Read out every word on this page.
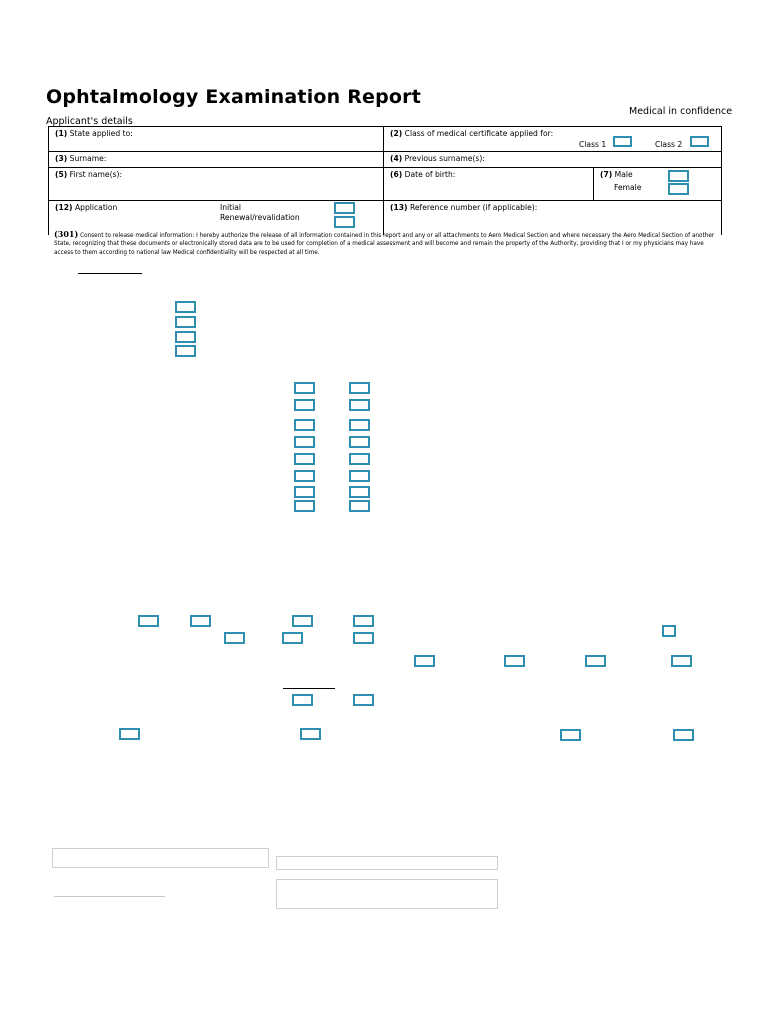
Ophtalmology Examination Report
Medical in confidence
Applicant's details
(1) State applied to:	(2) Class of medical certificate applied for:
Class 1 Class 2	

(3) Surname:	(4) Previous surname(s):	
(5) First name(s):	(6) Date of birth:	(7) Male
Female

(12) Application Initial
Renewal/revalidation	(13) Reference number (if applicable):	
(301) Consent to release medical information: I hereby authorize the release of all information contained in this report and any or all attachments to Aero Medical Section and where necessary the Aero Medical Section of another State, recognizing that these documents or electronically stored data are to be used for completion of a medical assessment and will become and remain the property of the Authority, providing that I or my physicians may have access to them according to national law Medical confidentiality will be respected at all time.
